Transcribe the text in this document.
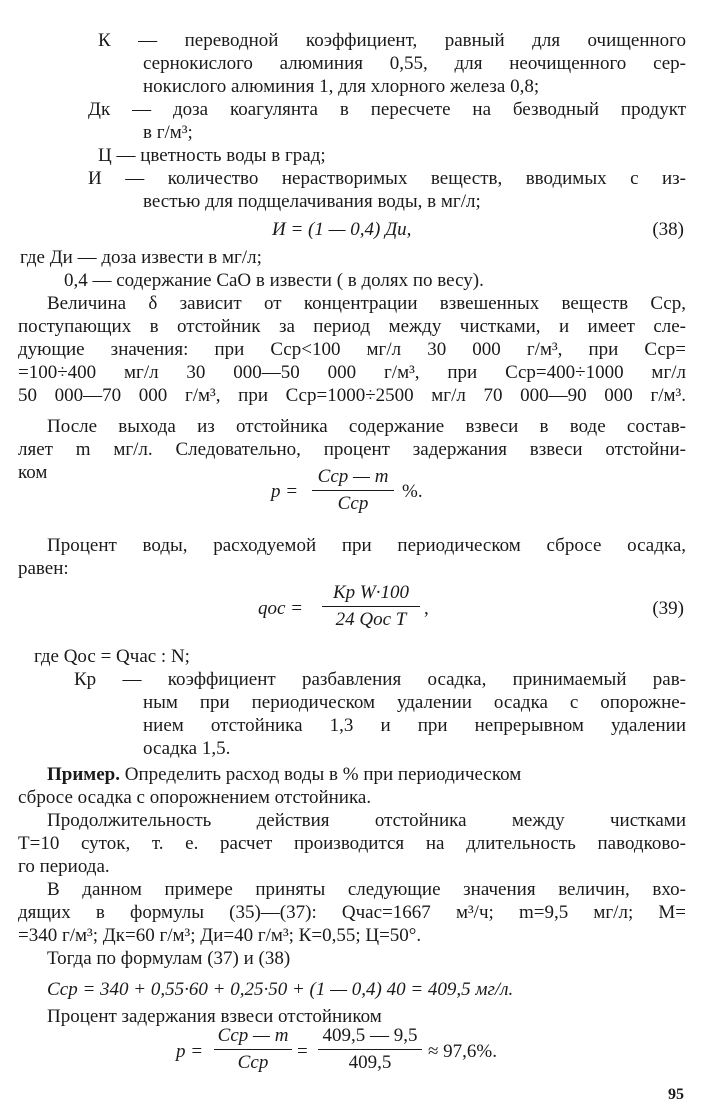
К — переводной коэффициент, равный для очищенного
сернокислого алюминия 0,55, для неочищенного сер-
нокислого алюминия 1, для хлорного железа 0,8;
Дк — доза коагулянта в пересчете на безводный продукт
в г/м³;
Ц — цветность воды в град;
И — количество нерастворимых веществ, вводимых с из-
вестью для подщелачивания воды, в мг/л;
И = (1 — 0,4) Ди,	(38)
где Ди — доза извести в мг/л;
0,4 — содержание СаО в извести ( в долях по весу).
Величина δ зависит от концентрации взвешенных веществ Сср,
поступающих в отстойник за период между чистками, и имеет сле-
дующие значения: при Сср<100 мг/л 30 000 г/м³, при Сср=
=100÷400 мг/л 30 000—50 000 г/м³, при Сср=400÷1000 мг/л
50 000—70 000 г/м³, при Сср=1000÷2500 мг/л 70 000—90 000 г/м³.
После выхода из отстойника содержание взвеси в воде состав-
ляет m мг/л. Следовательно, процент задержания взвеси отстойни-
ком
p =
Сср — m
Сср
%.
Процент воды, расходуемой при периодическом сбросе осадка,
равен:
qос =
Кр W·100
24 Qос T
,	(39)
где Qос = Qчас : N;
Кр — коэффициент разбавления осадка, принимаемый рав-
ным при периодическом удалении осадка с опорожне-
нием отстойника 1,3 и при непрерывном удалении
осадка 1,5.
Пример. Определить расход воды в % при периодическом
сбросе осадка с опорожнением отстойника.
Продолжительность действия отстойника между чистками
T=10 суток, т. е. расчет производится на длительность паводково-
го периода.
В данном примере приняты следующие значения величин, вхо-
дящих в формулы (35)—(37): Qчас=1667 м³/ч; m=9,5 мг/л; М=
=340 г/м³; Дк=60 г/м³; Ди=40 г/м³; К=0,55; Ц=50°.
Тогда по формулам (37) и (38)
Сср = 340 + 0,55·60 + 0,25·50 + (1 — 0,4) 40 = 409,5 мг/л.
Процент задержания взвеси отстойником
p =
Сср — m
Сср
=
409,5 — 9,5
409,5
≈ 97,6%.
95
